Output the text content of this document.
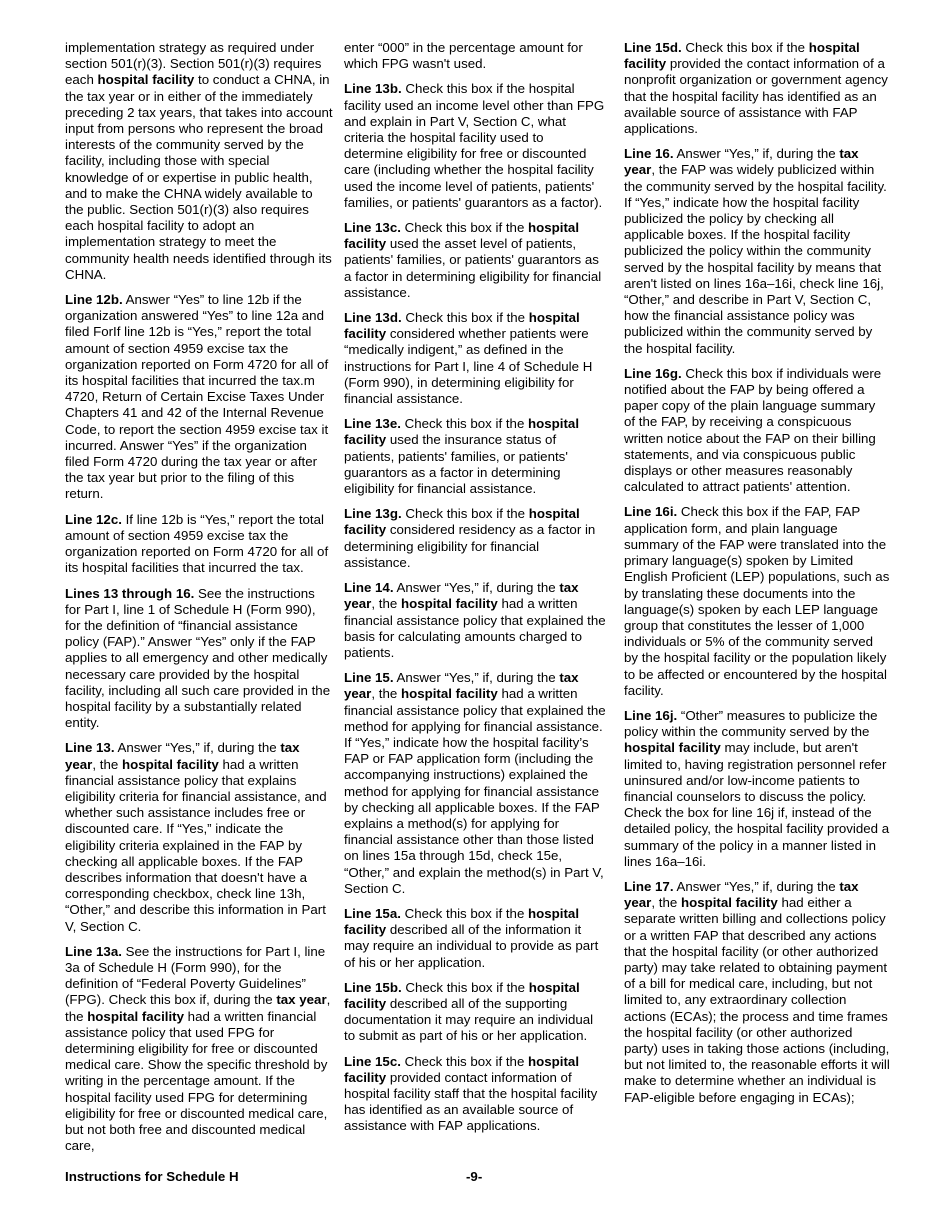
implementation strategy as required under section 501(r)(3). Section 501(r)(3) requires each hospital facility to conduct a CHNA, in the tax year or in either of the immediately preceding 2 tax years, that takes into account input from persons who represent the broad interests of the community served by the facility, including those with special knowledge of or expertise in public health, and to make the CHNA widely available to the public. Section 501(r)(3) also requires each hospital facility to adopt an implementation strategy to meet the community health needs identified through its CHNA.

Line 12b. Answer “Yes” to line 12b if the organization answered “Yes” to line 12a and filed ForIf line 12b is “Yes,” report the total amount of section 4959 excise tax the organization reported on Form 4720 for all of its hospital facilities that incurred the tax.m 4720, Return of Certain Excise Taxes Under Chapters 41 and 42 of the Internal Revenue Code, to report the section 4959 excise tax it incurred. Answer “Yes” if the organization filed Form 4720 during the tax year or after the tax year but prior to the filing of this return.

Line 12c. If line 12b is “Yes,” report the total amount of section 4959 excise tax the organization reported on Form 4720 for all of its hospital facilities that incurred the tax.

Lines 13 through 16. See the instructions for Part I, line 1 of Schedule H (Form 990), for the definition of “financial assistance policy (FAP).” Answer “Yes” only if the FAP applies to all emergency and other medically necessary care provided by the hospital facility, including all such care provided in the hospital facility by a substantially related entity.

Line 13. Answer “Yes,” if, during the tax year, the hospital facility had a written financial assistance policy that explains eligibility criteria for financial assistance, and whether such assistance includes free or discounted care. If “Yes,” indicate the eligibility criteria explained in the FAP by checking all applicable boxes. If the FAP describes information that doesn't have a corresponding checkbox, check line 13h, “Other,” and describe this information in Part V, Section C.

Line 13a. See the instructions for Part I, line 3a of Schedule H (Form 990), for the definition of “Federal Poverty Guidelines” (FPG). Check this box if, during the tax year, the hospital facility had a written financial assistance policy that used FPG for determining eligibility for free or discounted medical care. Show the specific threshold by writing in the percentage amount. If the hospital facility used FPG for determining eligibility for free or discounted medical care, but not both free and discounted medical care,

enter “000” in the percentage amount for which FPG wasn't used.

Line 13b. Check this box if the hospital facility used an income level other than FPG and explain in Part V, Section C, what criteria the hospital facility used to determine eligibility for free or discounted care (including whether the hospital facility used the income level of patients, patients' families, or patients' guarantors as a factor).

Line 13c. Check this box if the hospital facility used the asset level of patients, patients' families, or patients' guarantors as a factor in determining eligibility for financial assistance.

Line 13d. Check this box if the hospital facility considered whether patients were “medically indigent,” as defined in the instructions for Part I, line 4 of Schedule H (Form 990), in determining eligibility for financial assistance.

Line 13e. Check this box if the hospital facility used the insurance status of patients, patients' families, or patients' guarantors as a factor in determining eligibility for financial assistance.

Line 13g. Check this box if the hospital facility considered residency as a factor in determining eligibility for financial assistance.

Line 14. Answer “Yes,” if, during the tax year, the hospital facility had a written financial assistance policy that explained the basis for calculating amounts charged to patients.

Line 15. Answer “Yes,” if, during the tax year, the hospital facility had a written financial assistance policy that explained the method for applying for financial assistance. If “Yes,” indicate how the hospital facility’s FAP or FAP application form (including the accompanying instructions) explained the method for applying for financial assistance by checking all applicable boxes. If the FAP explains a method(s) for applying for financial assistance other than those listed on lines 15a through 15d, check 15e, “Other,” and explain the method(s) in Part V, Section C.

Line 15a. Check this box if the hospital facility described all of the information it may require an individual to provide as part of his or her application.

Line 15b. Check this box if the hospital facility described all of the supporting documentation it may require an individual to submit as part of his or her application.

Line 15c. Check this box if the hospital facility provided contact information of hospital facility staff that the hospital facility has identified as an available source of assistance with FAP applications.

Line 15d. Check this box if the hospital facility provided the contact information of a nonprofit organization or government agency that the hospital facility has identified as an available source of assistance with FAP applications.

Line 16. Answer “Yes,” if, during the tax year, the FAP was widely publicized within the community served by the hospital facility. If “Yes,” indicate how the hospital facility publicized the policy by checking all applicable boxes. If the hospital facility publicized the policy within the community served by the hospital facility by means that aren't listed on lines 16a–16i, check line 16j, “Other,” and describe in Part V, Section C, how the financial assistance policy was publicized within the community served by the hospital facility.

Line 16g. Check this box if individuals were notified about the FAP by being offered a paper copy of the plain language summary of the FAP, by receiving a conspicuous written notice about the FAP on their billing statements, and via conspicuous public displays or other measures reasonably calculated to attract patients' attention.

Line 16i. Check this box if the FAP, FAP application form, and plain language summary of the FAP were translated into the primary language(s) spoken by Limited English Proficient (LEP) populations, such as by translating these documents into the language(s) spoken by each LEP language group that constitutes the lesser of 1,000 individuals or 5% of the community served by the hospital facility or the population likely to be affected or encountered by the hospital facility.

Line 16j. “Other” measures to publicize the policy within the community served by the hospital facility may include, but aren't limited to, having registration personnel refer uninsured and/or low-income patients to financial counselors to discuss the policy. Check the box for line 16j if, instead of the detailed policy, the hospital facility provided a summary of the policy in a manner listed in lines 16a–16i.

Line 17. Answer “Yes,” if, during the tax year, the hospital facility had either a separate written billing and collections policy or a written FAP that described any actions that the hospital facility (or other authorized party) may take related to obtaining payment of a bill for medical care, including, but not limited to, any extraordinary collection actions (ECAs); the process and time frames the hospital facility (or other authorized party) uses in taking those actions (including, but not limited to, the reasonable efforts it will make to determine whether an individual is FAP-eligible before engaging in ECAs);

Instructions for Schedule H	-9-
